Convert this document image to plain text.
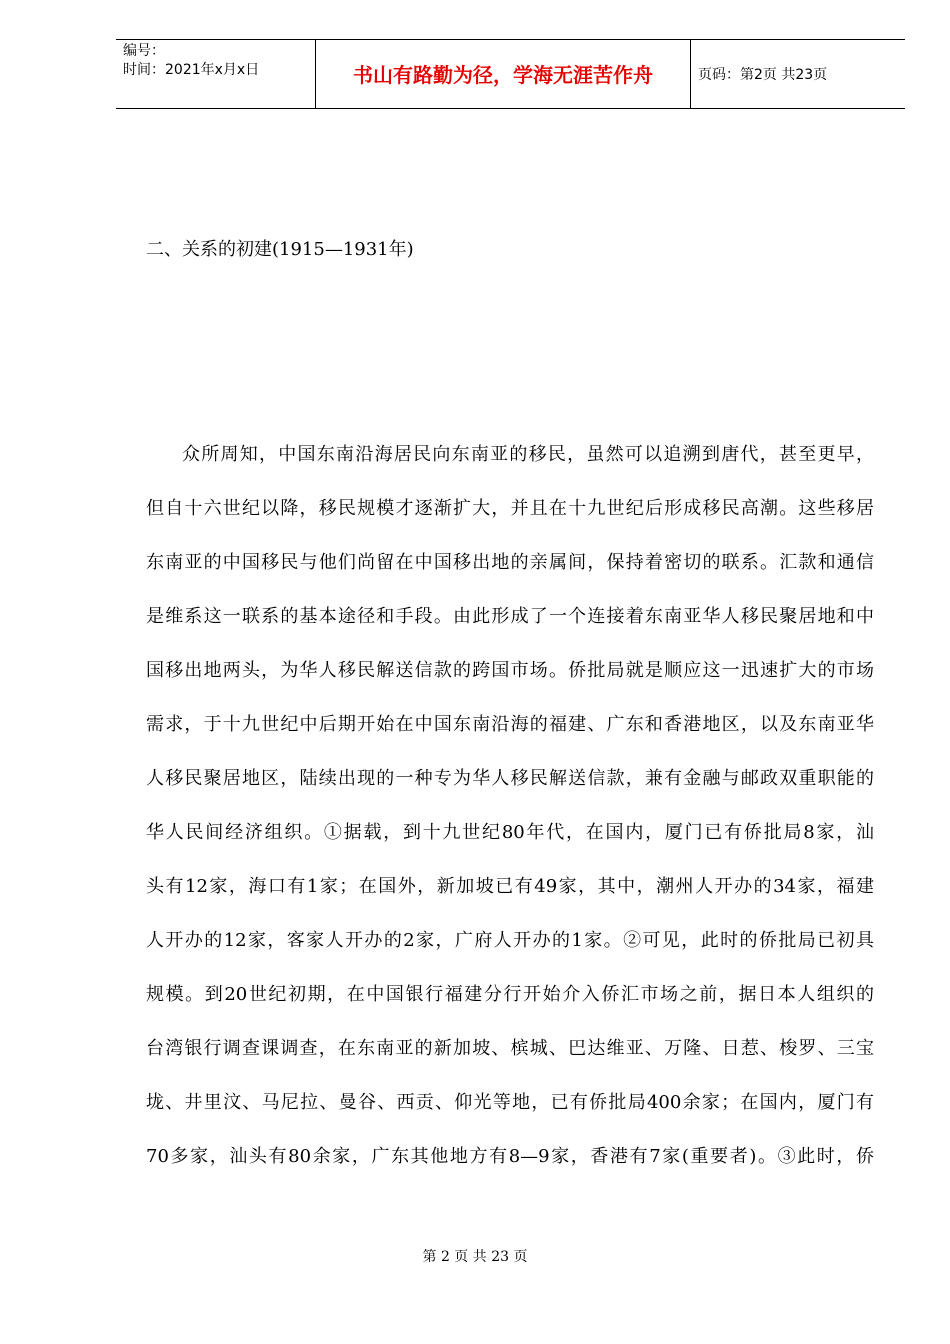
编号：
时间：2021年x月x日	书山有路勤为径，学海无涯苦作舟	页码：第2页 共23页
二、关系的初建(1915—1931年)
众所周知，中国东南沿海居民向东南亚的移民，虽然可以追溯到唐代，甚至更早，
但自十六世纪以降，移民规模才逐渐扩大，并且在十九世纪后形成移民高潮。这些移居
东南亚的中国移民与他们尚留在中国移出地的亲属间，保持着密切的联系。汇款和通信
是维系这一联系的基本途径和手段。由此形成了一个连接着东南亚华人移民聚居地和中
国移出地两头，为华人移民解送信款的跨国市场。侨批局就是顺应这一迅速扩大的市场
需求，于十九世纪中后期开始在中国东南沿海的福建、广东和香港地区，以及东南亚华
人移民聚居地区，陆续出现的一种专为华人移民解送信款，兼有金融与邮政双重职能的
华人民间经济组织。①据载，到十九世纪80年代，在国内，厦门已有侨批局8家，汕
头有12家，海口有1家；在国外，新加坡已有49家，其中，潮州人开办的34家，福建
人开办的12家，客家人开办的2家，广府人开办的1家。②可见，此时的侨批局已初具
规模。到20世纪初期，在中国银行福建分行开始介入侨汇市场之前，据日本人组织的
台湾银行调查课调查，在东南亚的新加坡、槟城、巴达维亚、万隆、日惹、梭罗、三宝
垅、井里汶、马尼拉、曼谷、西贡、仰光等地，已有侨批局400余家；在国内，厦门有
70多家，汕头有80余家，广东其他地方有8—9家，香港有7家(重要者)。③此时，侨
第 2 页 共 23 页
